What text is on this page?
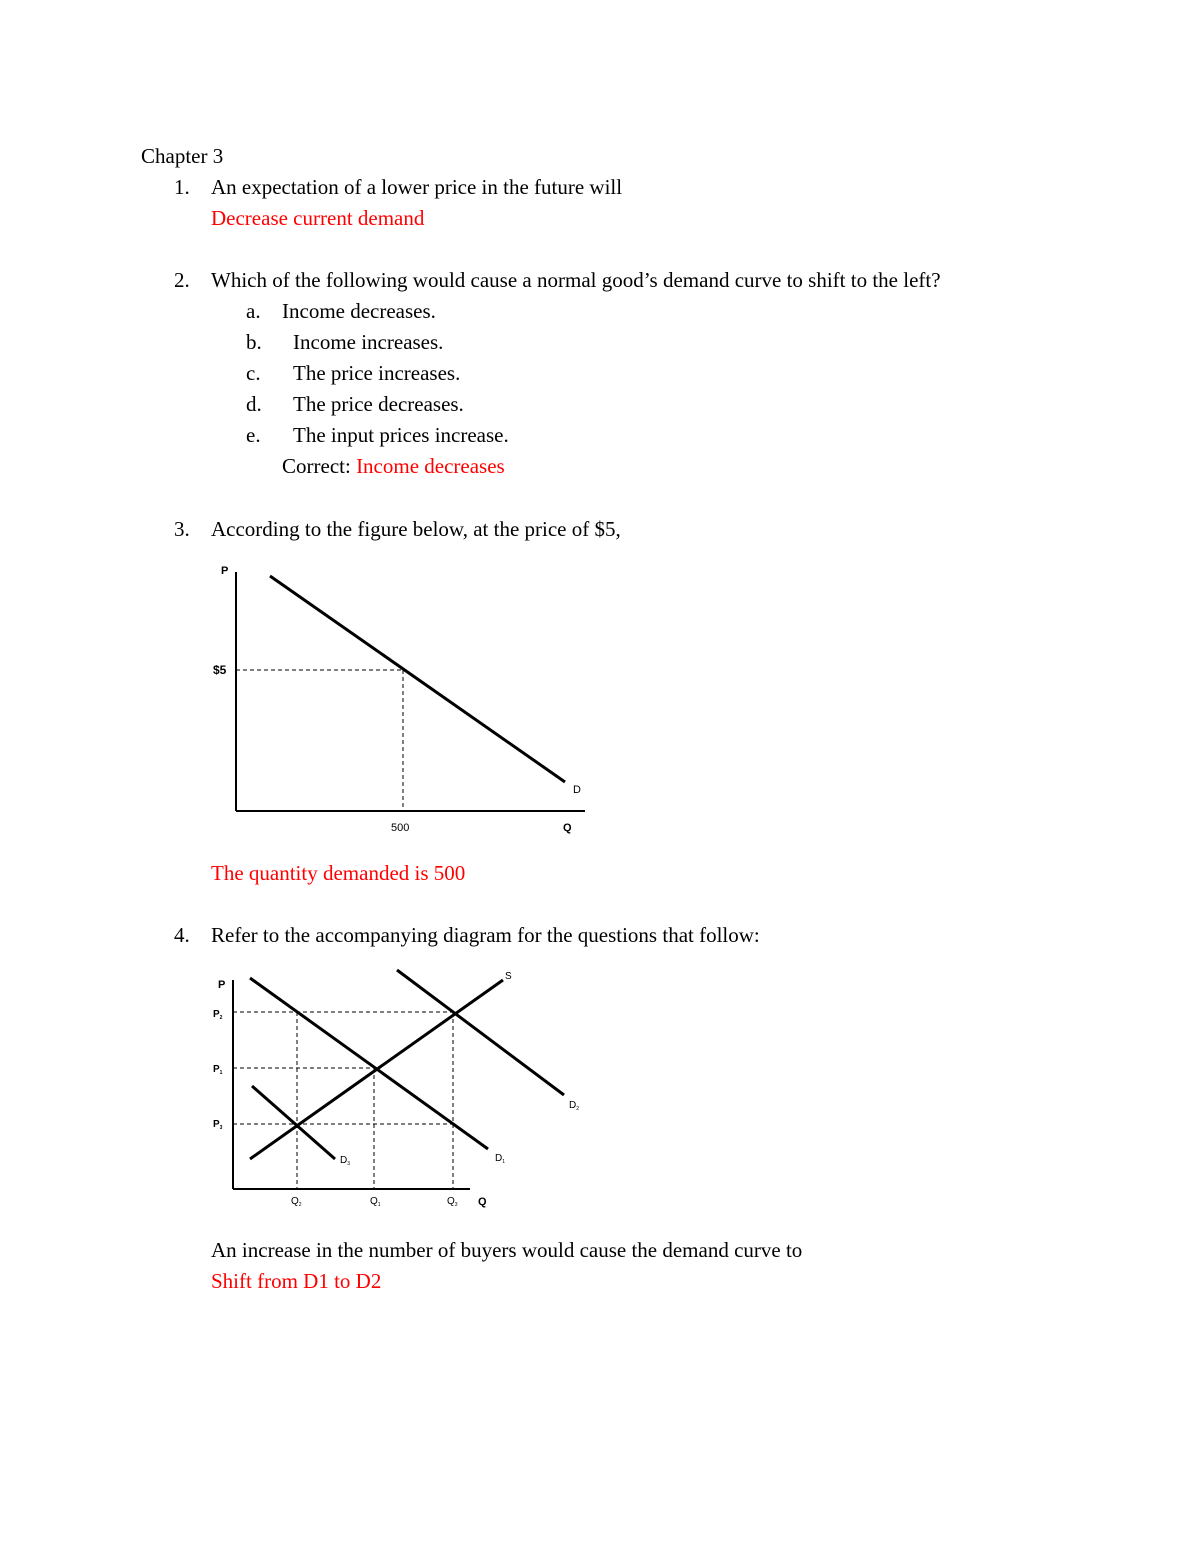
Chapter 3
1. An expectation of a lower price in the future will
Decrease current demand
2. Which of the following would cause a normal good’s demand curve to shift to the left?
a. Income decreases.
b. Income increases.
c. The price increases.
d. The price decreases.
e. The input prices increase.
Correct: Income decreases
3. According to the figure below, at the price of $5,
P
$5
500	Q
D
The quantity demanded is 500
4. Refer to the accompanying diagram for the questions that follow:
P
Q
$P_2$
$P_1$
$P_3$
$Q_2$	$Q_1$	$Q_3$
S
$D_3$	$D_1$
$D_2$
An increase in the number of buyers would cause the demand curve to
Shift from D1 to D2
